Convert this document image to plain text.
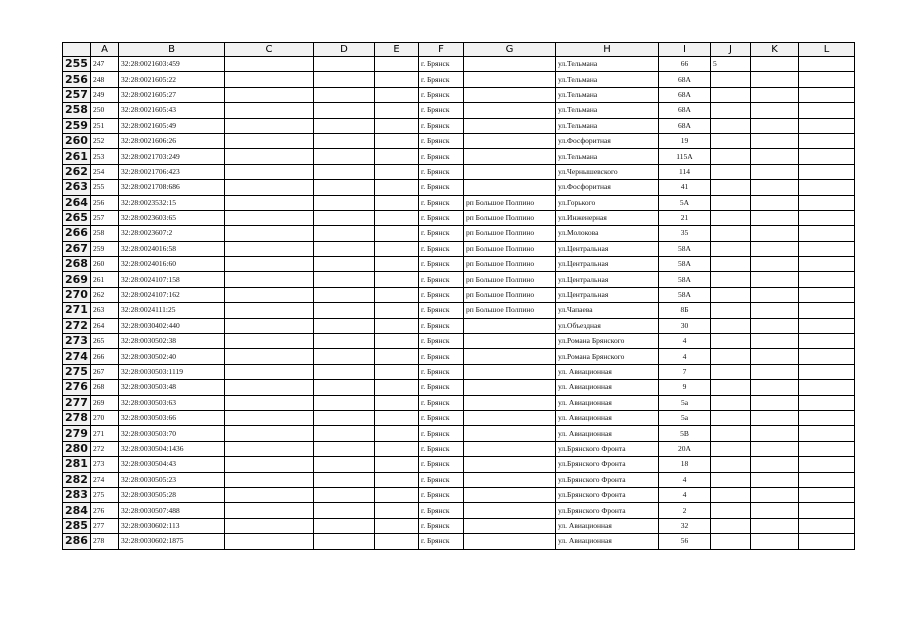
	A	B	C	D	E	F	G	H	I	J	K	L
255	247	32:28:0021603:459				г. Брянск		ул.Тельмана	66	5		
256	248	32:28:0021605:22				г. Брянск		ул.Тельмана	68А			
257	249	32:28:0021605:27				г. Брянск		ул.Тельмана	68А			
258	250	32:28:0021605:43				г. Брянск		ул.Тельмана	68А			
259	251	32:28:0021605:49				г. Брянск		ул.Тельмана	68А			
260	252	32:28:0021606:26				г. Брянск		ул.Фосфоритная	19			
261	253	32:28:0021703:249				г. Брянск		ул.Тельмана	115А			
262	254	32:28:0021706:423				г. Брянск		ул.Чернышевского	114			
263	255	32:28:0021708:686				г. Брянск		ул.Фосфоритная	41			
264	256	32:28:0023532:15				г. Брянск	рп Большое Полпино	ул.Горького	5А			
265	257	32:28:0023603:65				г. Брянск	рп Большое Полпино	ул.Инженерная	21			
266	258	32:28:0023607:2				г. Брянск	рп Большое Полпино	ул.Молокова	35			
267	259	32:28:0024016:58				г. Брянск	рп Большое Полпино	ул.Центральная	58А			
268	260	32:28:0024016:60				г. Брянск	рп Большое Полпино	ул.Центральная	58А			
269	261	32:28:0024107:158				г. Брянск	рп Большое Полпино	ул.Центральная	58А			
270	262	32:28:0024107:162				г. Брянск	рп Большое Полпино	ул.Центральная	58А			
271	263	32:28:0024111:25				г. Брянск	рп Большое Полпино	ул.Чапаева	8Б			
272	264	32:28:0030402:440				г. Брянск		ул.Объездная	30			
273	265	32:28:0030502:38				г. Брянск		ул.Романа Брянского	4			
274	266	32:28:0030502:40				г. Брянск		ул.Романа Брянского	4			
275	267	32:28:0030503:1119				г. Брянск		ул. Авиационная	7			
276	268	32:28:0030503:48				г. Брянск		ул. Авиационная	9			
277	269	32:28:0030503:63				г. Брянск		ул. Авиационная	5а			
278	270	32:28:0030503:66				г. Брянск		ул. Авиационная	5а			
279	271	32:28:0030503:70				г. Брянск		ул. Авиационная	5В			
280	272	32:28:0030504:1436				г. Брянск		ул.Брянского Фронта	20А			
281	273	32:28:0030504:43				г. Брянск		ул.Брянского Фронта	18			
282	274	32:28:0030505:23				г. Брянск		ул.Брянского Фронта	4			
283	275	32:28:0030505:28				г. Брянск		ул.Брянского Фронта	4			
284	276	32:28:0030507:488				г. Брянск		ул.Брянского Фронта	2			
285	277	32:28:0030602:113				г. Брянск		ул. Авиационная	32			
286	278	32:28:0030602:1875				г. Брянск		ул. Авиационная	56			
